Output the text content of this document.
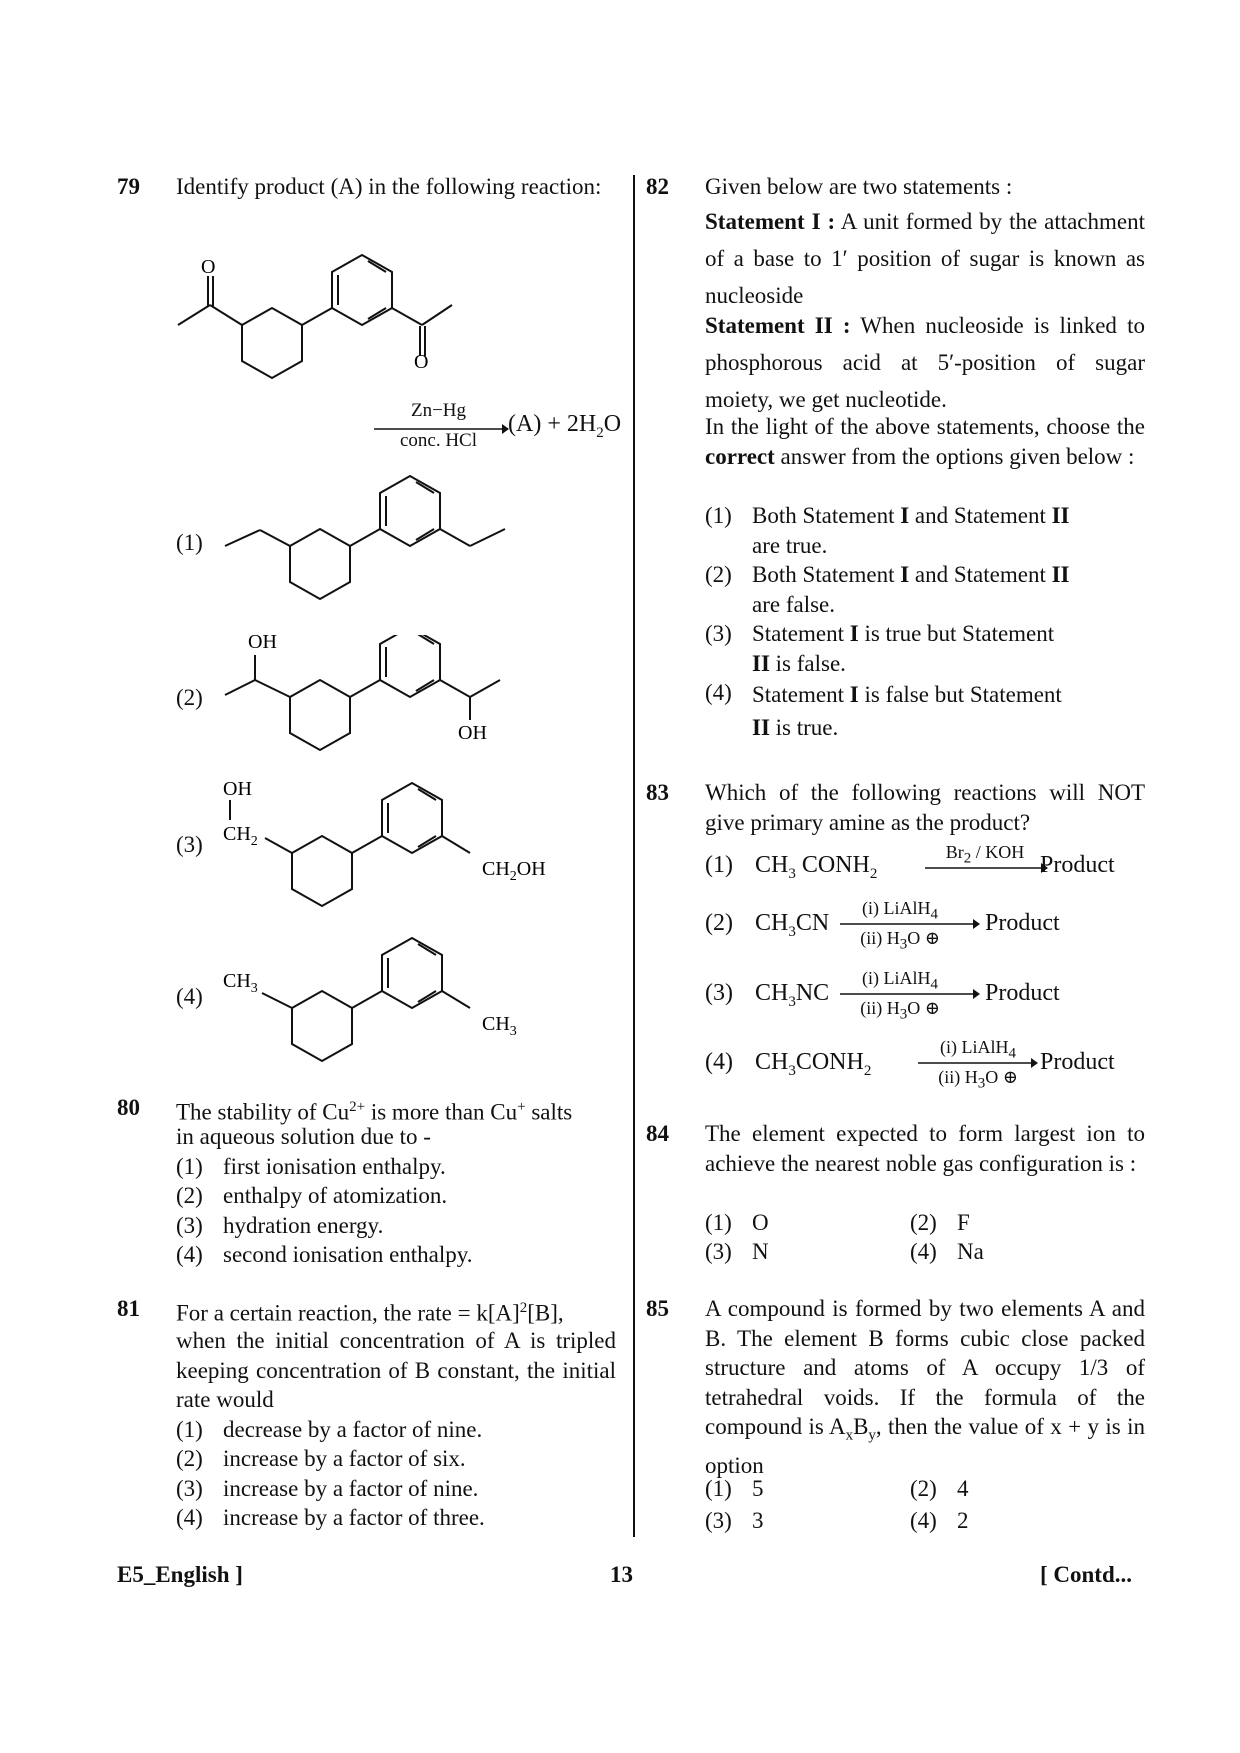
79 Identify product (A) in the following reaction:
O
O
Zn−Hg
conc. HCl
$(A) + 2H_2O$
(1)
(2)
OH
OH
(3)
OH
$CH_2$
$CH_2OH$
(4)
$CH_3$
$CH_3$
80 The stability of $Cu^{2+}$ is more than Cu+ salts
in aqueous solution due to -
(1) first ionisation enthalpy.
(2) enthalpy of atomization.
(3) hydration energy.
(4) second ionisation enthalpy.
81 For a certain reaction, the rate = $k[A]^2[B]$,
when the initial concentration of A is tripled keeping concentration of B constant, the initial rate would
(1) decrease by a factor of nine.
(2) increase by a factor of six.
(3) increase by a factor of nine.
(4) increase by a factor of three.
82 Given below are two statements :
Statement I : A unit formed by the attachment of a base to 1′ position of sugar is known as nucleoside
Statement II : When nucleoside is linked to phosphorous acid at 5′-position of sugar moiety, we get nucleotide.
In the light of the above statements, choose the correct answer from the options given below :
(1) Both Statement I and Statement II are true.
(2) Both Statement I and Statement II are false.
(3) Statement I is true but Statement II is false.
(4) Statement I is false but Statement II is true.
83 Which of the following reactions will NOT give primary amine as the product?
(1) $CH_3$ $CONH_2$
$Br_2$ / KOH Product
(2) $CH_3CN$
(i) LiAlH$_4$
(ii) $H_3O$ ⊕
Product
(3) $CH_3NC$
(i) LiAlH$_4$
(ii) $H_3O$ ⊕
Product
(4) $CH_3CONH_2$
(i) LiAlH$_4$
(ii) $H_3O$ ⊕
Product
84 The element expected to form largest ion to achieve the nearest noble gas configuration is :
(1) O	(2) F
(3) N	(4) Na
85 A compound is formed by two elements A and B. The element B forms cubic close packed structure and atoms of A occupy 1/3 of tetrahedral voids. If the formula of the compound is $A_xB_y$, then the value of x + y is in option
(1) 5	(2) 4
(3) 3	(4) 2
E5_English ]	13	[ Contd...
